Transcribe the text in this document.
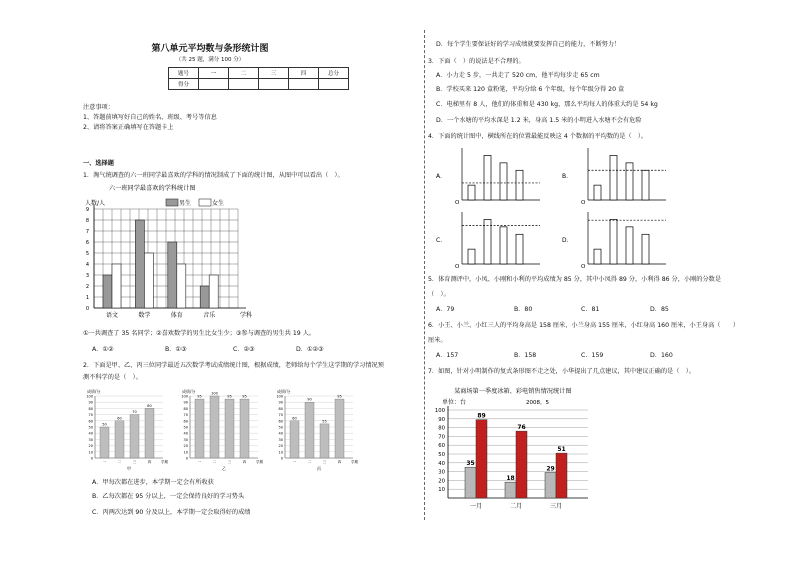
第八单元平均数与条形统计图
（共 25 题，满分 100 分）
题号	一	二	三	四	总分
得分					
注意事项：
1、答题前填写好自己的姓名、班级、考号等信息
2、请将答案正确填写在答题卡上
一、选择题
1．淘气统调查的六一班同学最喜欢的学科的情况制成了下面的统计图，从图中可以看出（　）。
六一班同学最喜欢的学科统计图
人数/人	男生	女生
0
1
2
3
4
5
6
7
8
9
语文	数学	体育	音乐	学科
①一共调查了 35 名同学；②喜欢数学的男生比女生少；③参与调查的男生共 19 人。
A．①②	B．①③	C．②③	D．①②③
2．下面是甲、乙、丙三位同学最近五次数学考试成绩统计图，根据成绩，老师给每个学生这学期的学习情况预
测不科学的是（　）。
成绩/分
0
10
20
30
40
50
60
70
80
90
100
50
一
60
二
70
三
80
四	学期
甲
成绩/分
0
10
20
30
40
50
60
70
80
90
100	95
一
100
二
95
三
95
四	学期
乙
成绩/分
0
10
20
30
40
50
60
70
80
90
100
60
一
90
二
55
三
95
四	学期
丙
A．甲每次都在进步，本学期一定会有所收获
B．乙每次都在 95 分以上，一定会保持良好的学习势头
C．丙两次达到 90 分及以上，本学期一定会取得好的成绩
D．每个学生要保证好的学习成绩就要发挥自己的能力，不断努力！
3．下面（　）的说法是不合理的。
A．小力走 5 步，一共走了 520 cm，他平均每步走 65 cm
B．学校买来 120 盒粉笔，平均分给 6 个年级，每个年级分得 20 盒
C．电梯里有 8 人，他们的体重和是 430 kg，那么平均每人的体重大约是 54 kg
D．一个水塘的平均水深是 1.2 米，身高 1.5 米的小明进入水塘不会有危险
4．下面的统计图中，横线所在的位置最能反映这 4 个数据的平均数的是（　）。
A．
O
B．
O
C．
O
D．
O
5．体育测评中，小凤、小刚和小利的平均成绩为 85 分，其中小凤得 89 分，小利得 86 分，小刚的分数是
（　）。
A．79	B．80	C．81	D．85
6．小王、小兰、小红三人的平均身高是 158 厘米，小兰身高 155 厘米，小红身高 160 厘米，小王身高（　　）
厘米。
A．157	B．158	C．159	D．160
7．如图，针对小明制作的复式条形图不走之处，小华提出了几点建议，其中建议正确的是（　）。
某商场第一季度冰箱、彩电销售情况统计图
单位：台	2008。5
10
20
30
40
50
60
70
80
90
100
35
89
一月
18
76
二月
29
51
三月
